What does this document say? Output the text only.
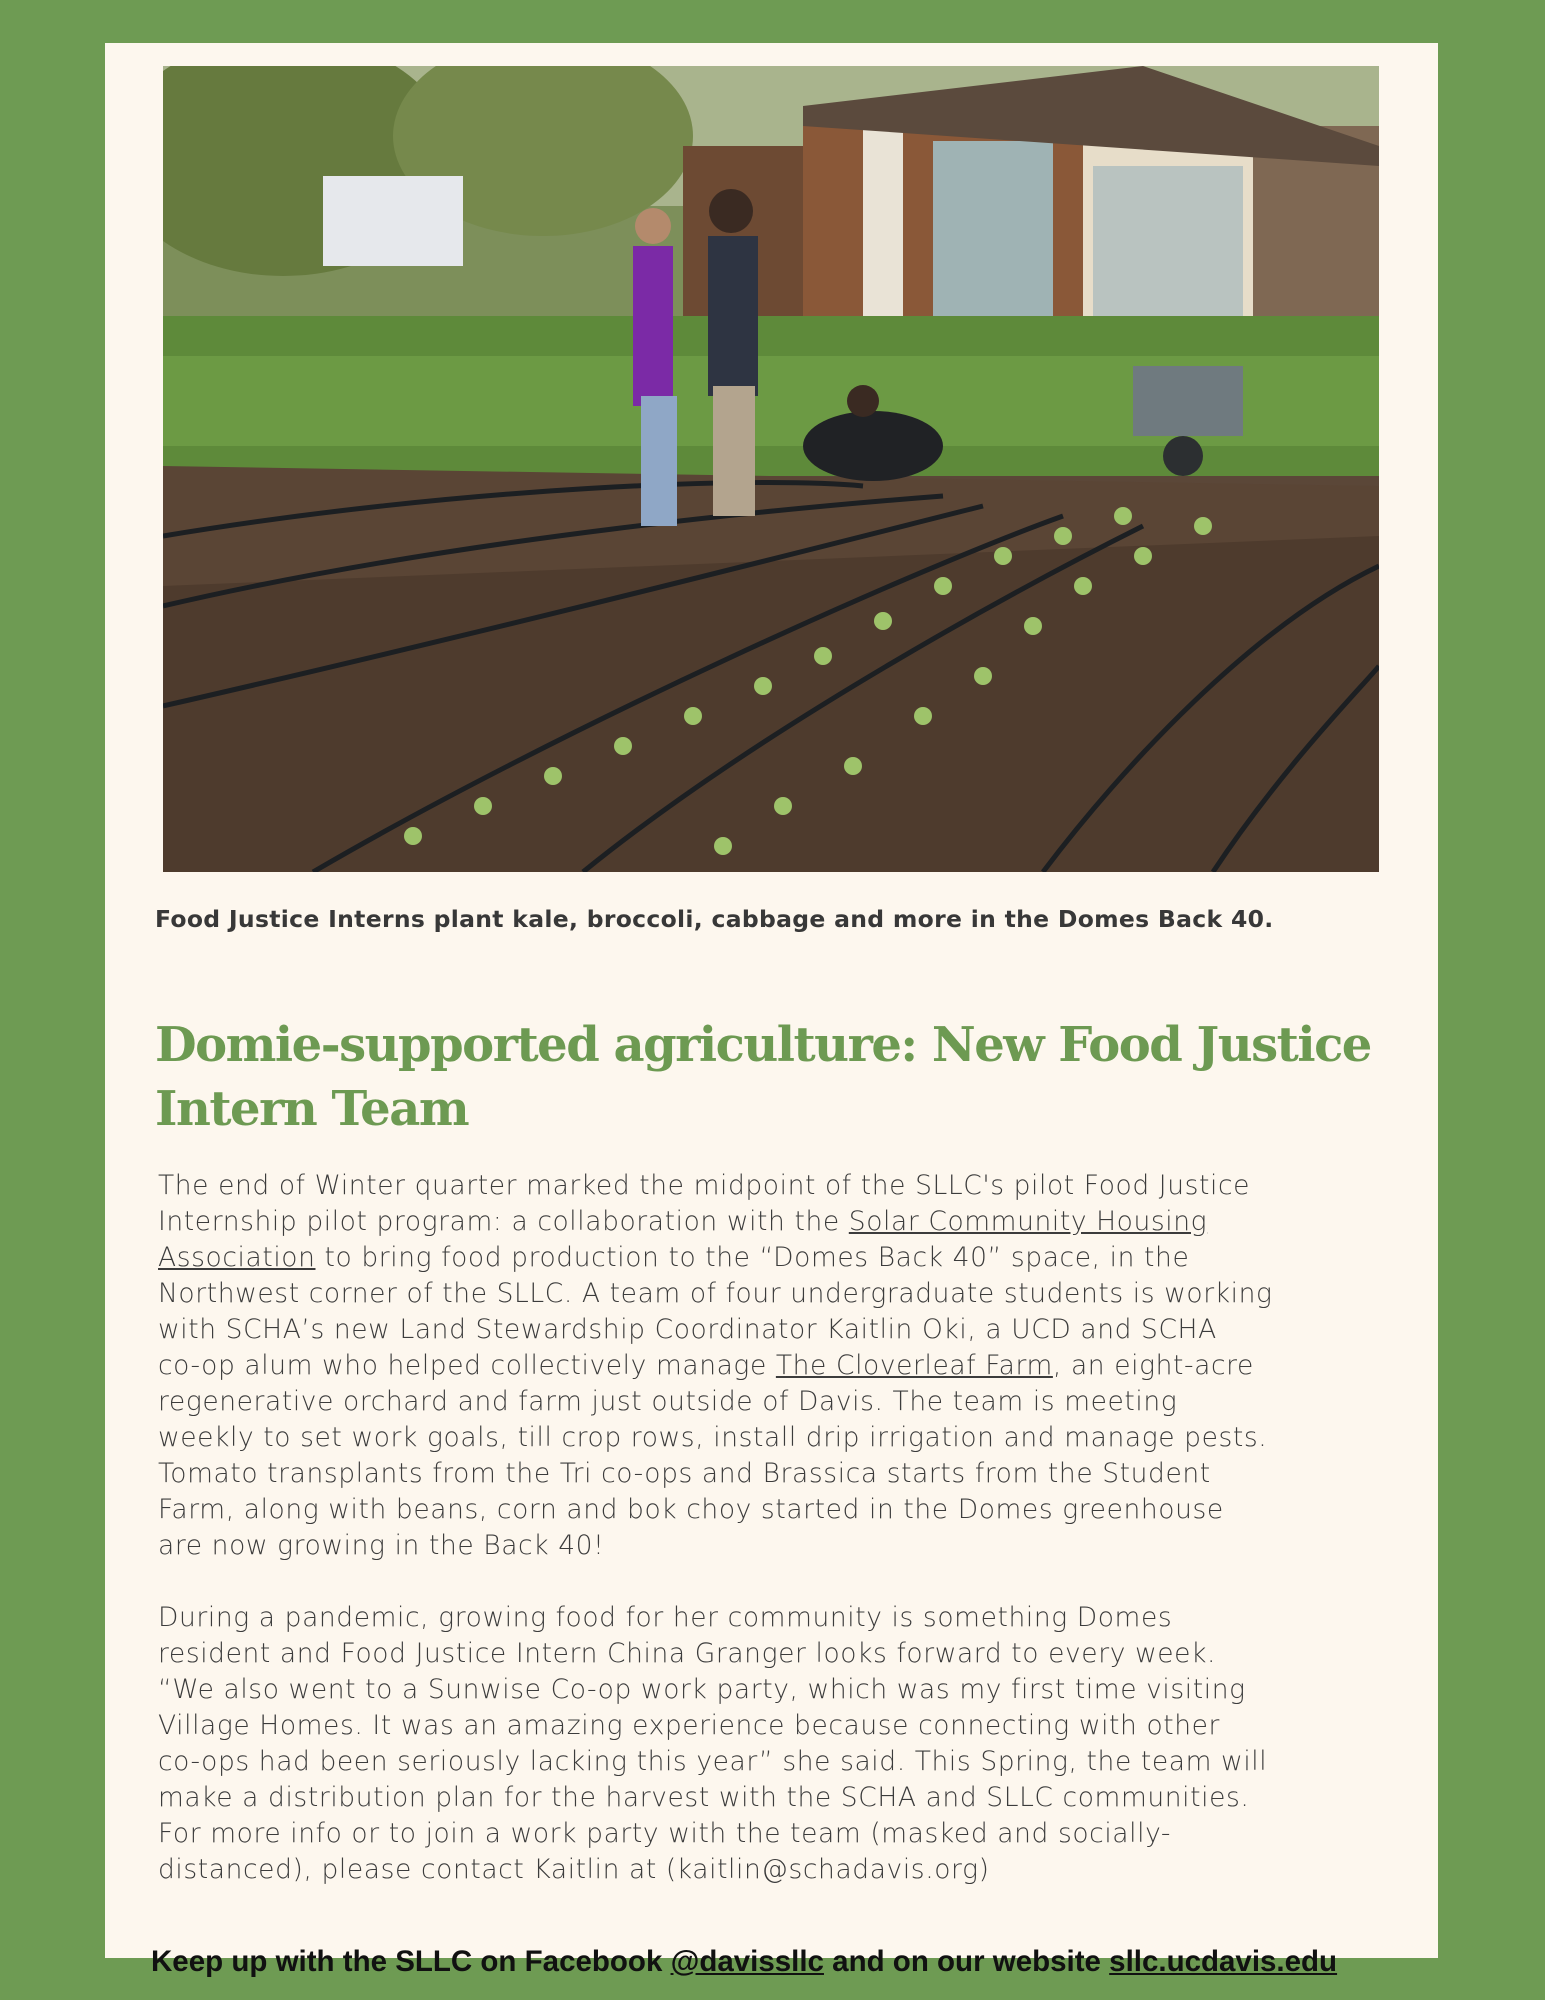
Food Justice Interns plant kale, broccoli, cabbage and more in the Domes Back 40.
Domie-supported agriculture: New Food Justice
Intern Team

The end of Winter quarter marked the midpoint of the SLLC's pilot Food Justice
Internship pilot program: a collaboration with the Solar Community Housing
Association to bring food production to the “Domes Back 40” space, in the
Northwest corner of the SLLC. A team of four undergraduate students is working
with SCHA’s new Land Stewardship Coordinator Kaitlin Oki, a UCD and SCHA
co-op alum who helped collectively manage The Cloverleaf Farm, an eight-acre
regenerative orchard and farm just outside of Davis. The team is meeting
weekly to set work goals, till crop rows, install drip irrigation and manage pests.
Tomato transplants from the Tri co-ops and Brassica starts from the Student
Farm, along with beans, corn and bok choy started in the Domes greenhouse
are now growing in the Back 40!

During a pandemic, growing food for her community is something Domes
resident and Food Justice Intern China Granger looks forward to every week.
“We also went to a Sunwise Co-op work party, which was my first time visiting
Village Homes. It was an amazing experience because connecting with other
co-ops had been seriously lacking this year” she said. This Spring, the team will
make a distribution plan for the harvest with the SCHA and SLLC communities.
For more info or to join a work party with the team (masked and socially-
distanced), please contact Kaitlin at (kaitlin@schadavis.org)

Keep up with the SLLC on Facebook @davissllc and on our website sllc.ucdavis.edu
